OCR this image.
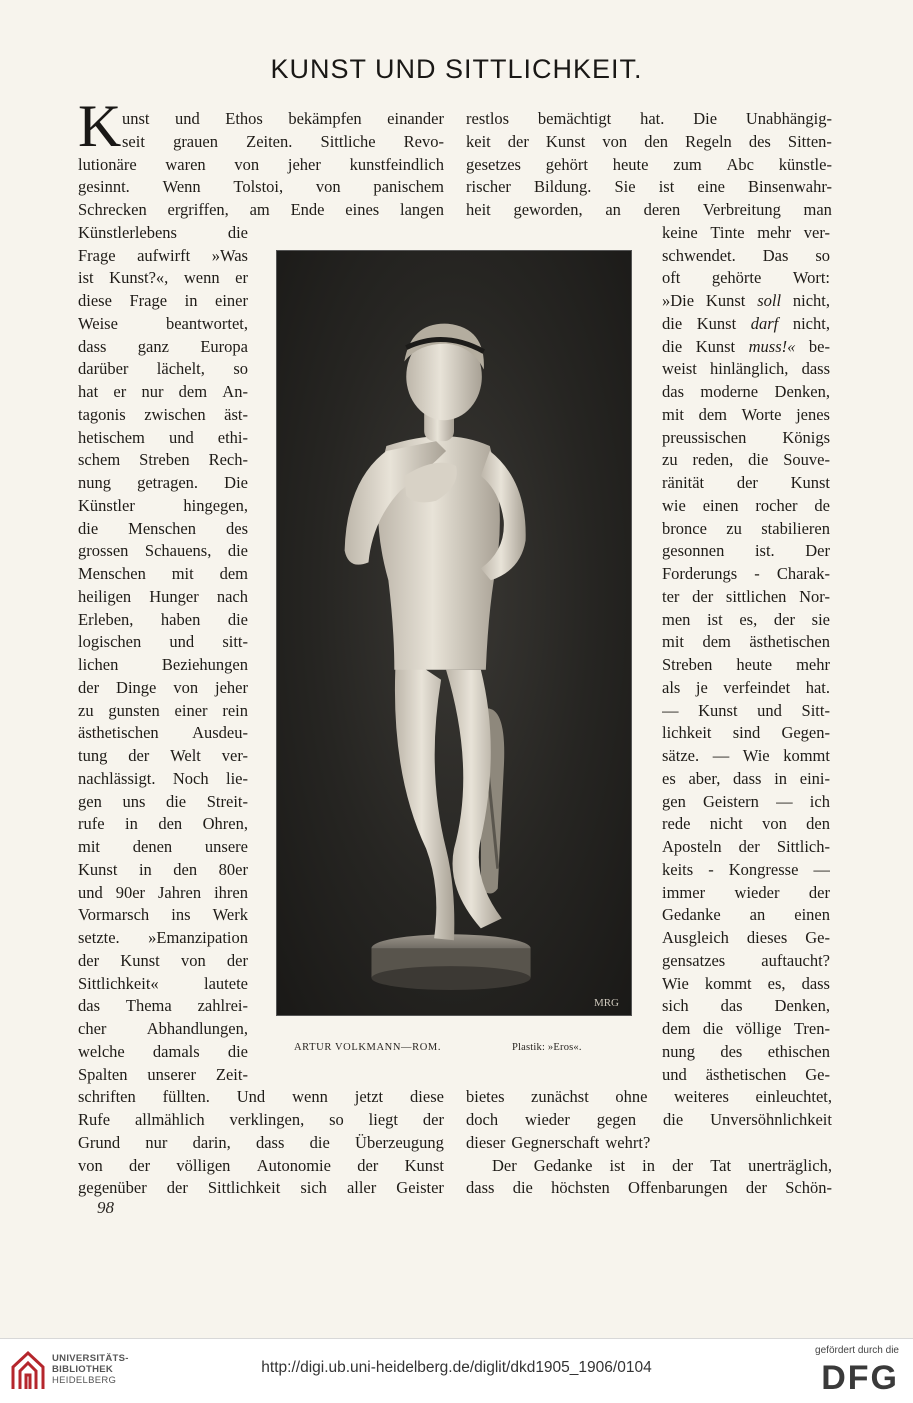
KUNST UND SITTLICHKEIT.
K unst und Ethos bekämpfen einander
seit grauen Zeiten. Sittliche Revo-
lutionäre waren von jeher kunstfeindlich
gesinnt. Wenn Tolstoi, von panischem
Schrecken ergriffen, am Ende eines langen
restlos bemächtigt hat. Die Unabhängig-
keit der Kunst von den Regeln des Sitten-
gesetzes gehört heute zum Abc künstle-
rischer Bildung. Sie ist eine Binsenwahr-
heit geworden, an deren Verbreitung man
Künstlerlebens	die
Frage aufwirft »Was
ist Kunst?«, wenn er
diese Frage in einer
Weise	beantwortet,
dass ganz Europa
darüber lächelt, so
hat er nur dem An-
tagonis zwischen äst-
hetischem und ethi-
schem Streben Rech-
nung getragen. Die
Künstler	hingegen,
die Menschen des
grossen Schauens, die
Menschen mit dem
heiligen Hunger nach
Erleben, haben die
logischen und sitt-
lichen	Beziehungen
der Dinge von jeher
zu gunsten einer rein
ästhetischen Ausdeu-
tung der Welt ver-
nachlässigt. Noch lie-
gen uns die Streit-
rufe in den Ohren,
mit denen unsere
Kunst in den 80er
und 90er Jahren ihren
Vormarsch ins Werk
setzte. »Emanzipation
der Kunst von der
Sittlichkeit«	lautete
das Thema zahlrei-
cher Abhandlungen,
welche damals die
Spalten unserer Zeit-
keine Tinte mehr ver-
schwendet. Das so
oft gehörte Wort:
»Die Kunst soll nicht,
die Kunst darf nicht,
die Kunst muss!« be-
weist hinlänglich, dass
das moderne Denken,
mit dem Worte jenes
preussischen Königs
zu reden, die Souve-
ränität der Kunst
wie einen rocher de
bronce zu stabilieren
gesonnen ist. Der
Forderungs - Charak-
ter der sittlichen Nor-
men ist es, der sie
mit dem ästhetischen
Streben heute mehr
als je verfeindet hat.
— Kunst und Sitt-
lichkeit sind Gegen-
sätze. — Wie kommt
es aber, dass in eini-
gen Geistern — ich
rede nicht von den
Aposteln der Sittlich-
keits - Kongresse —
immer wieder der
Gedanke an einen
Ausgleich dieses Ge-
gensatzes auftaucht?
Wie kommt es, dass
sich das Denken,
dem die völlige Tren-
nung des ethischen
und ästhetischen Ge-
schriften füllten. Und wenn jetzt diese
Rufe allmählich verklingen, so liegt der
Grund nur darin, dass die Überzeugung
von der völligen Autonomie der Kunst
gegenüber der Sittlichkeit sich aller Geister
bietes zunächst ohne weiteres einleuchtet,
doch wieder gegen die Unversöhnlichkeit
dieser Gegnerschaft wehrt?
Der Gedanke ist in der Tat unerträglich,
dass die höchsten Offenbarungen der Schön-
MRG
ARTUR VOLKMANN—ROM.	Plastik: »Eros«.
98
UNIVERSITÄTS-
BIBLIOTHEK
HEIDELBERG
http://digi.ub.uni-heidelberg.de/diglit/dkd1905_1906/0104
gefördert durch die
DFG
